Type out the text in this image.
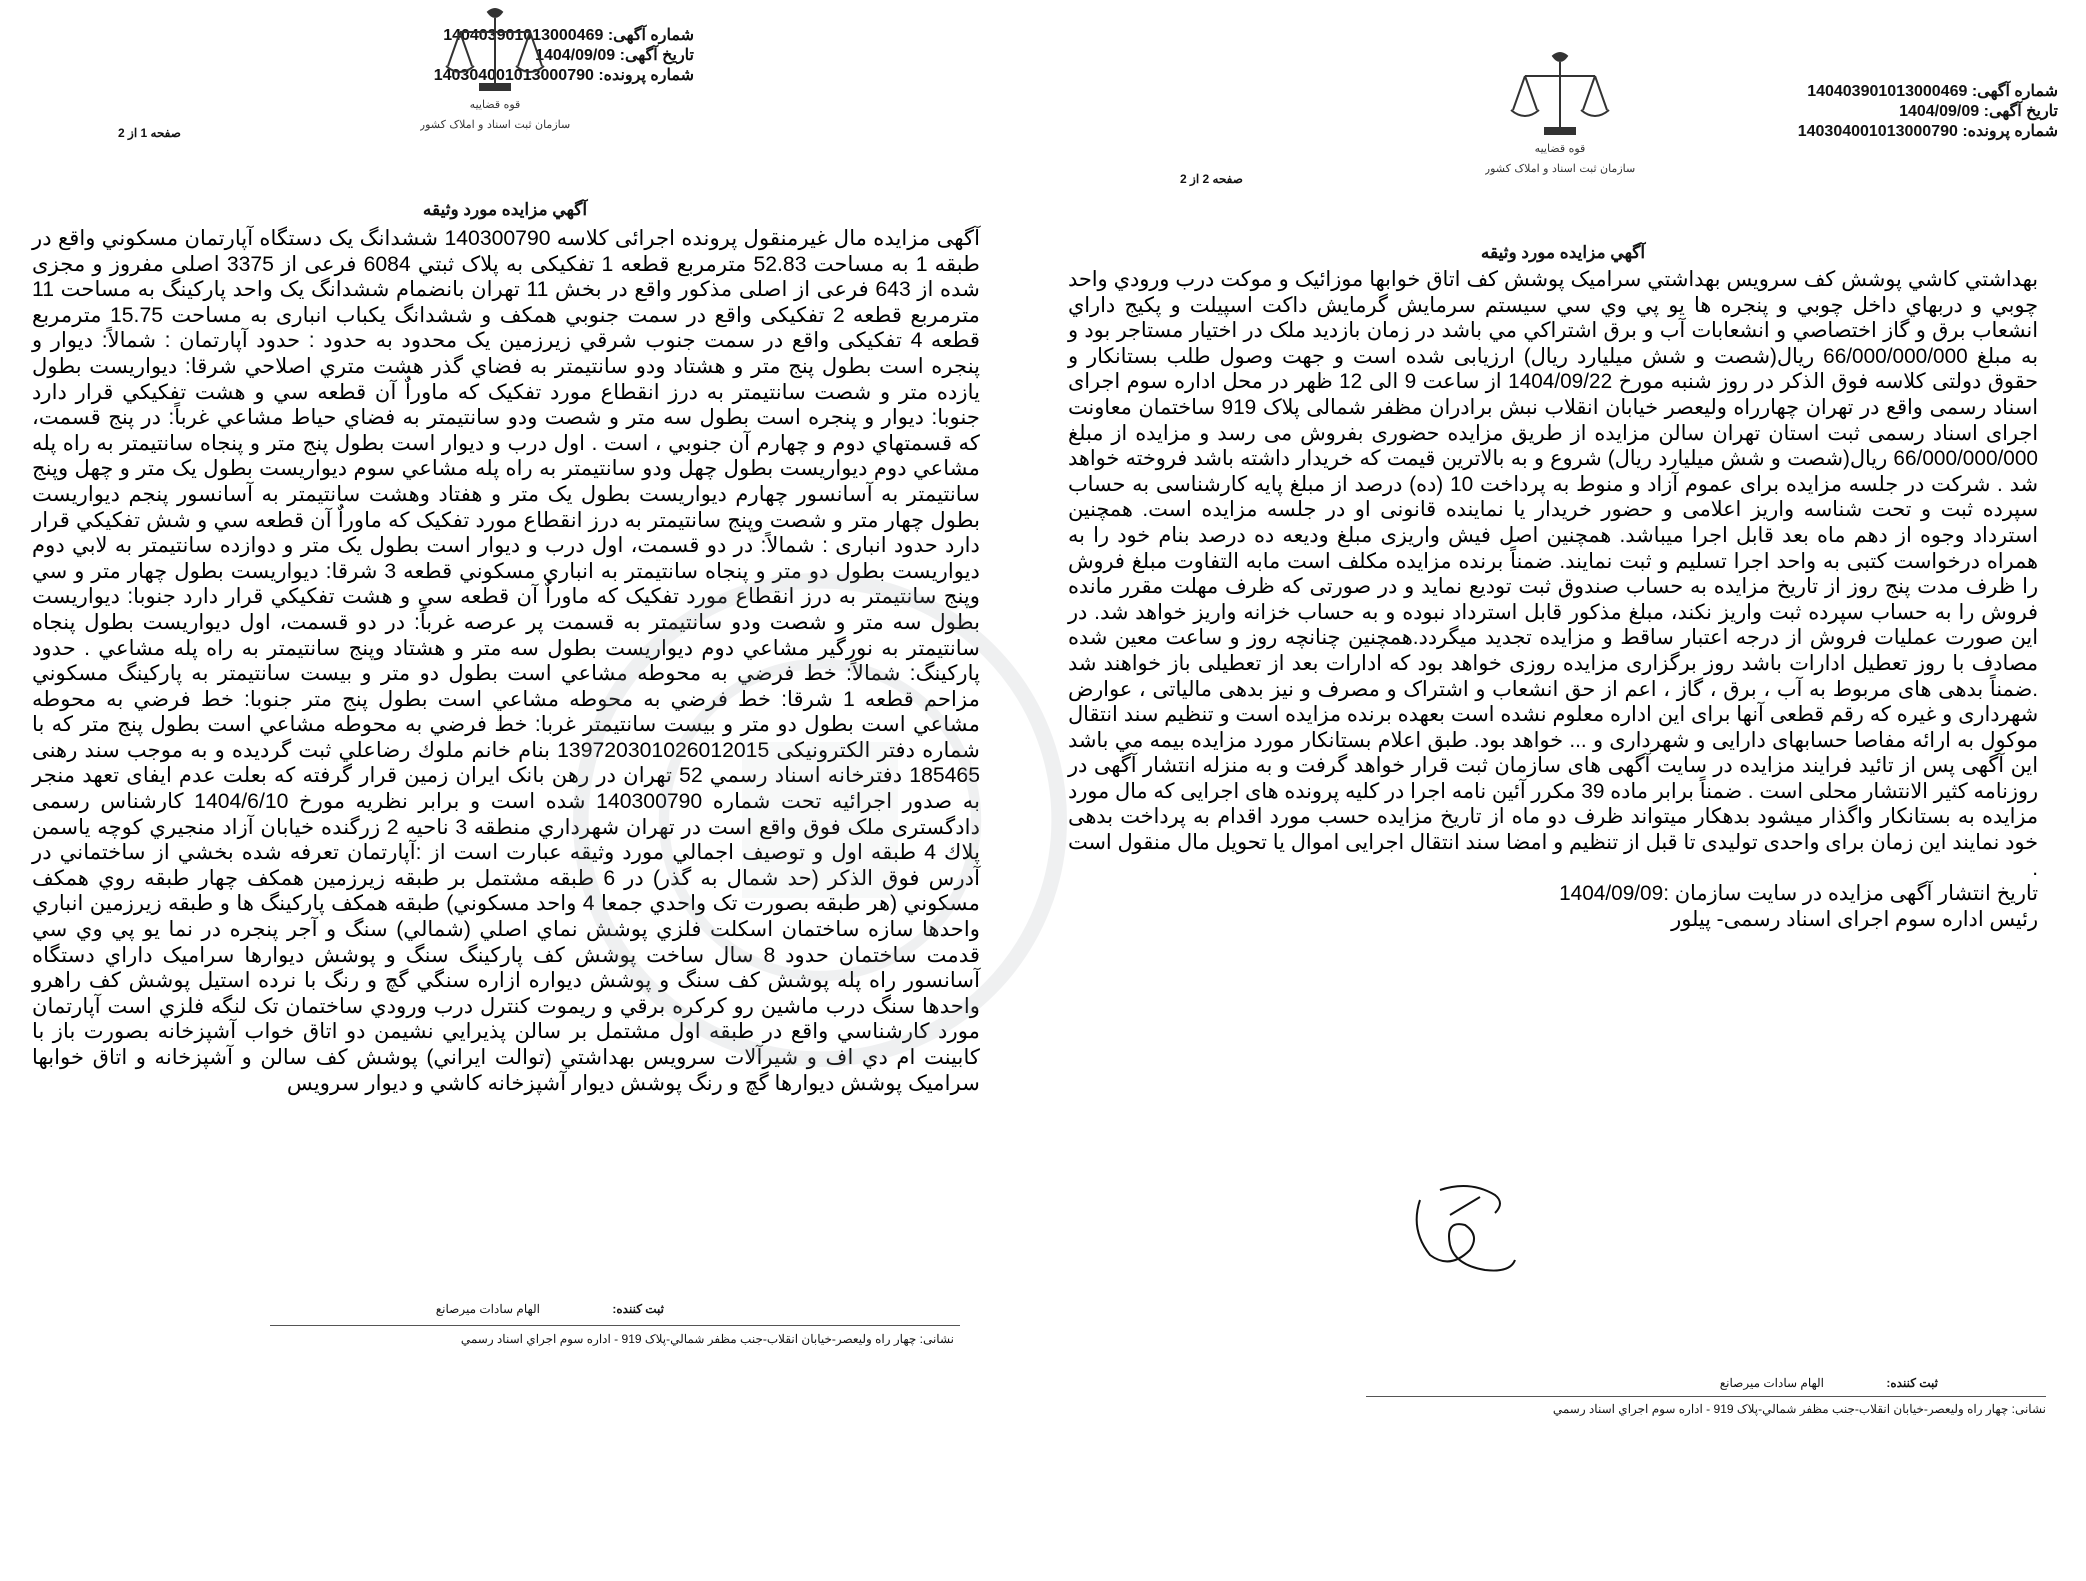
شماره آگهی: 140403901013000469
تاریخ آگهی: 1404/09/09
شماره پرونده: 140304001013000790
قوه قضاییه
سازمان ثبت اسناد و املاک کشور
صفحه 1 از 2
آگهي مزايده مورد وثيقه
آگهی مزایده مال غیرمنقول پرونده اجرائی کلاسه 140300790 ششدانگ یک دستگاه آپارتمان مسكوني واقع در طبقه 1 به مساحت 52.83 مترمربع قطعه 1 تفکیکی به پلاک ثبتي 6084 فرعی از 3375 اصلی مفروز و مجزی شده از 643 فرعی از اصلی مذکور واقع در بخش 11 تهران بانضمام ششدانگ یک واحد پارکینگ به مساحت 11 مترمربع قطعه 2 تفکیکی واقع در سمت جنوبي همكف و ششدانگ یکباب انباری به مساحت 15.75 مترمربع قطعه 4 تفکیکی واقع در سمت جنوب شرقي زيرزمين يک محدود به حدود : حدود آپارتمان : شمالاً: ديوار و پنجره است بطول پنج متر و هشتاد ودو سانتيمتر به فضاي گذر هشت متري اصلاحي شرقا: ديواريست بطول يازده متر و شصت سانتيمتر به درز انقطاع مورد تفکيک که ماوراٌ آن قطعه سي و هشت تفکيکي قرار دارد جنوبا: ديوار و پنجره است بطول سه متر و شصت ودو سانتيمتر به فضاي حياط مشاعي غرباً: در پنج قسمت، که قسمتهاي دوم و چهارم آن جنوبي ، است . اول درب و ديوار است بطول پنج متر و پنجاه سانتيمتر به راه پله مشاعي دوم ديواريست بطول چهل ودو سانتيمتر به راه پله مشاعي سوم ديواريست بطول يک متر و چهل وپنج سانتيمتر به آسانسور چهارم ديواريست بطول يک متر و هفتاد وهشت سانتيمتر به آسانسور پنجم ديواريست بطول چهار متر و شصت وپنج سانتيمتر به درز انقطاع مورد تفکيک که ماوراٌ آن قطعه سي و شش تفکيکي قرار دارد حدود انباری : شمالاً: در دو قسمت، اول درب و ديوار است بطول يک متر و دوازده سانتيمتر به لابي دوم ديواريست بطول دو متر و پنجاه سانتيمتر به انباري مسكوني قطعه 3 شرقا: ديواريست بطول چهار متر و سي وپنج سانتيمتر به درز انقطاع مورد تفکيک که ماوراٌ آن قطعه سي و هشت تفکيکي قرار دارد جنوبا: ديواريست بطول سه متر و شصت ودو سانتيمتر به قسمت پر عرصه غرباً: در دو قسمت، اول ديواريست بطول پنجاه سانتيمتر به نورگير مشاعي دوم ديواريست بطول سه متر و هشتاد وپنج سانتيمتر به راه پله مشاعي . حدود پاركينگ: شمالاً: خط فرضي به محوطه مشاعي است بطول دو متر و بيست سانتيمتر به پاركينگ مسکوني مزاحم قطعه 1 شرقا: خط فرضي به محوطه مشاعي است بطول پنج متر جنوبا: خط فرضي به محوطه مشاعي است بطول دو متر و بيست سانتيمتر غربا: خط فرضي به محوطه مشاعي است بطول پنج متر که با شماره دفتر الکترونیکی 139720301026012015 بنام خانم ملوك رضاعلي ثبت گرديده و به موجب سند رهنی 185465 دفترخانه اسناد رسمي 52 تهران در رهن بانک ایران زمین قرار گرفته كه بعلت عدم ایفای تعهد منجر به صدور اجرائيه تحت شماره 140300790 شده است و برابر نظريه مورخ 1404/6/10 كارشناس رسمی دادگستری ملک فوق واقع است در تهران شهرداري منطقه 3 ناحيه 2 زرگنده خيابان آزاد منجيري كوچه ياسمن پلاك 4 طبقه اول و توصيف اجمالي مورد وثيقه عبارت است از :آپارتمان تعرفه شده بخشي از ساختماني در آدرس فوق الذکر (حد شمال به گذر) در 6 طبقه مشتمل بر طبقه زيرزمين همکف چهار طبقه روي همکف مسکوني (هر طبقه بصورت تک واحدي جمعا 4 واحد مسکوني) طبقه همکف پارکينگ ها و طبقه زيرزمين انباري واحدها سازه ساختمان اسکلت فلزي پوشش نماي اصلي (شمالي) سنگ و آجر پنجره در نما يو پي وي سي قدمت ساختمان حدود 8 سال ساخت پوشش کف پارکينگ سنگ و پوشش ديوارها سراميک داراي دستگاه آسانسور راه پله پوشش کف سنگ و پوشش ديواره ازاره سنگي گچ و رنگ با نرده استيل پوشش کف راهرو واحدها سنگ درب ماشين رو کرکره برقي و ريموت کنترل درب ورودي ساختمان تک لنگه فلزي است آپارتمان مورد کارشناسي واقع در طبقه اول مشتمل بر سالن پذيرايي نشيمن دو اتاق خواب آشپزخانه بصورت باز با کابينت ام دي اف و شيرآلات سرويس بهداشتي (توالت ايراني) پوشش کف سالن و آشپزخانه و اتاق خوابها سراميک پوشش ديوارها گچ و رنگ پوشش ديوار آشپزخانه کاشي و ديوار سرويس
ثبت کننده:
الهام سادات میرصانع
نشانی: چهار راه وليعصر-خيابان انقلاب-جنب مظفر شمالي-پلاک 919 - اداره سوم اجراي اسناد رسمي
شماره آگهی: 140403901013000469
تاریخ آگهی: 1404/09/09
شماره پرونده: 140304001013000790
قوه قضاییه
سازمان ثبت اسناد و املاک کشور
صفحه 2 از 2
آگهي مزايده مورد وثيقه
بهداشتي کاشي پوشش کف سرويس بهداشتي سراميک پوشش کف اتاق خوابها موزائيک و موکت درب ورودي واحد چوبي و دربهاي داخل چوبي و پنجره ها يو پي وي سي سيستم سرمايش گرمايش داکت اسپيلت و پکيج داراي انشعاب برق و گاز اختصاصي و انشعابات آب و برق اشتراکي مي باشد در زمان بازديد ملک در اختيار مستاجر بود و به مبلغ 66/000/000/000 ريال(شصت و شش ميليارد ريال) ارزيابی شده است و جهت وصول طلب بستانكار و حقوق دولتی كلاسه فوق الذكر در روز شنبه مورخ 1404/09/22 از ساعت 9 الی 12 ظهر در محل اداره سوم اجرای اسناد رسمی واقع در تهران چهارراه وليعصر خيابان انقلاب نبش برادران مظفر شمالی پلاک 919 ساختمان معاونت اجرای اسناد رسمی ثبت استان تهران سالن مزایده از طریق مزایده حضوری بفروش می رسد و مزایده از مبلغ 66/000/000/000 ريال(شصت و شش ميليارد ريال) شروع و به بالاترین قیمت كه خریدار داشته باشد فروخته خواهد شد . شركت در جلسه مزایده برای عموم آزاد و منوط به پرداخت 10 (ده) درصد از مبلغ پایه كارشناسی به حساب سپرده ثبت و تحت شناسه واریز اعلامی و حضور خریدار یا نماینده قانونی او در جلسه مزایده است. همچنین استرداد وجوه از دهم ماه بعد قابل اجرا میباشد. همچنین اصل فیش واریزی مبلغ ودیعه ده درصد بنام خود را به همراه درخواست كتبی به واحد اجرا تسلیم و ثبت نمایند. ضمناً برنده مزایده مكلف است مابه التفاوت مبلغ فروش را ظرف مدت پنج روز از تاریخ مزایده به حساب صندوق ثبت تودیع نماید و در صورتی كه ظرف مهلت مقرر مانده فروش را به حساب سپرده ثبت واریز نكند، مبلغ مذكور قابل استرداد نبوده و به حساب خزانه واریز خواهد شد. در این صورت عملیات فروش از درجه اعتبار ساقط و مزایده تجدید میگردد.همچنین چنانچه روز و ساعت معین شده مصادف با روز تعطیل ادارات باشد روز برگزاری مزایده روزی خواهد بود كه ادارات بعد از تعطیلی باز خواهند شد .ضمناً بدهی های مربوط به آب ، برق ، گاز ، اعم از حق انشعاب و اشتراک و مصرف و نیز بدهی مالیاتی ، عوارض شهرداری و غیره كه رقم قطعی آنها برای این اداره معلوم نشده است بعهده برنده مزایده است و تنظیم سند انتقال موكول به ارائه مفاصا حسابهای دارایی و شهرداری و ... خواهد بود. طبق اعلام بستانكار مورد مزایده بیمه مي باشد این آگهی پس از تائید فرایند مزایده در سایت آگهی های سازمان ثبت قرار خواهد گرفت و به منزله انتشار آگهی در روزنامه كثیر الانتشار محلی است . ضمناً برابر ماده 39 مكرر آئین نامه اجرا در كلیه پرونده های اجرایی كه مال مورد مزایده به بستانكار واگذار میشود بدهكار میتواند ظرف دو ماه از تاریخ مزایده حسب مورد اقدام به پرداخت بدهی خود نمایند این زمان برای واحدی تولیدی تا قبل از تنظیم و امضا سند انتقال اجرایی اموال یا تحویل مال منقول است .
تاریخ انتشار آگهی مزایده در سایت سازمان :1404/09/09
رئیس اداره سوم اجرای اسناد رسمی- پیلور
ثبت کننده:
الهام سادات میرصانع
نشانی: چهار راه وليعصر-خيابان انقلاب-جنب مظفر شمالي-پلاک 919 - اداره سوم اجراي اسناد رسمي
